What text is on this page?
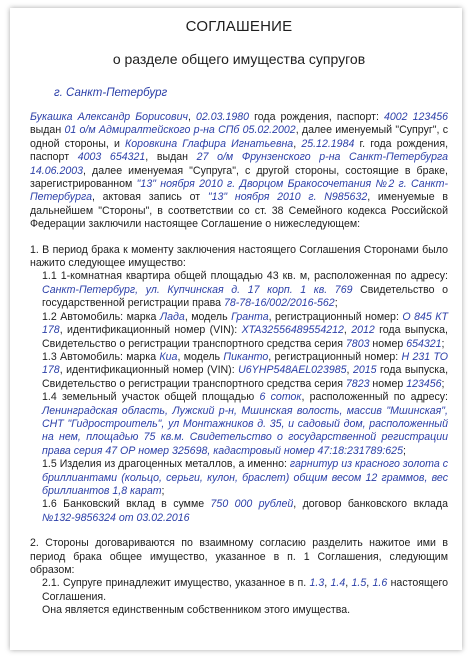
СОГЛАШЕНИЕ
о разделе общего имущества супругов
г. Санкт-Петербург

Букашка Александр Борисович, 02.03.1980 года рождения, паспорт: 4002 123456 выдан 01 о/м Адмиралтейского р-на СПб 05.02.2002, далее именуемый "Супруг", с одной стороны, и Коровкина Глафира Игнатьевна, 25.12.1984 г. года рождения, паспорт 4003 654321, выдан 27 о/м Фрунзенского р-на Санкт-Петербурга 14.06.2003, далее именуемая "Супруга", с другой стороны, состоящие в браке, зарегистрированном "13" ноября 2010 г. Дворцом Бракосочетания №2 г. Санкт-Петербурга, актовая запись от "13" ноября 2010 г. N985632, именуемые в дальнейшем "Стороны", в соответствии со ст. 38 Семейного кодекса Российской Федерации заключили настоящее Соглашение о нижеследующем:

1. В период брака к моменту заключения настоящего Соглашения Сторонами было нажито следующее имущество:

1.1 1-комнатная квартира общей площадью 43 кв. м, расположенная по адресу: Санкт-Петербург, ул. Купчинская д. 17 корп. 1 кв. 769 Свидетельство о государственной регистрации права 78-78-16/002/2016-562;

1.2 Автомобиль: марка Лада, модель Гранта, регистрационный номер: О 845 КТ 178, идентификационный номер (VIN): XTA32556489554212, 2012 года выпуска, Свидетельство о регистрации транспортного средства серия 7803 номер 654321;

1.3 Автомобиль: марка Киа, модель Пиканто, регистрационный номер: Н 231 ТО 178, идентификационный номер (VIN): U6YHP548AEL023985, 2015 года выпуска, Свидетельство о регистрации транспортного средства серия 7823 номер 123456;

1.4 земельный участок общей площадью 6 соток, расположенный по адресу: Ленинградская область, Лужский р-н, Мшинская волость, массив "Мшинская", СНТ "Гидростроитель", ул Монтажников д. 35, и садовый дом, расположенный на нем, площадью 75 кв.м. Свидетельство о государственной регистрации права серия 47 ОР номер 325698, кадастровый номер 47:18:231789:625;

1.5 Изделия из драгоценных металлов, а именно: гарнитур из красного золота с бриллиантами (кольцо, серьги, кулон, браслет) общим весом 12 граммов, вес бриллиантов 1,8 карат;

1.6 Банковский вклад в сумме 750 000 рублей, договор банковского вклада №132-9856324 от 03.02.2016

2. Стороны договариваются по взаимному согласию разделить нажитое ими в период брака общее имущество, указанное в п. 1 Соглашения, следующим образом:

2.1. Супруге принадлежит имущество, указанное в п. 1.3, 1.4, 1.5, 1.6 настоящего Соглашения.

Она является единственным собственником этого имущества.
